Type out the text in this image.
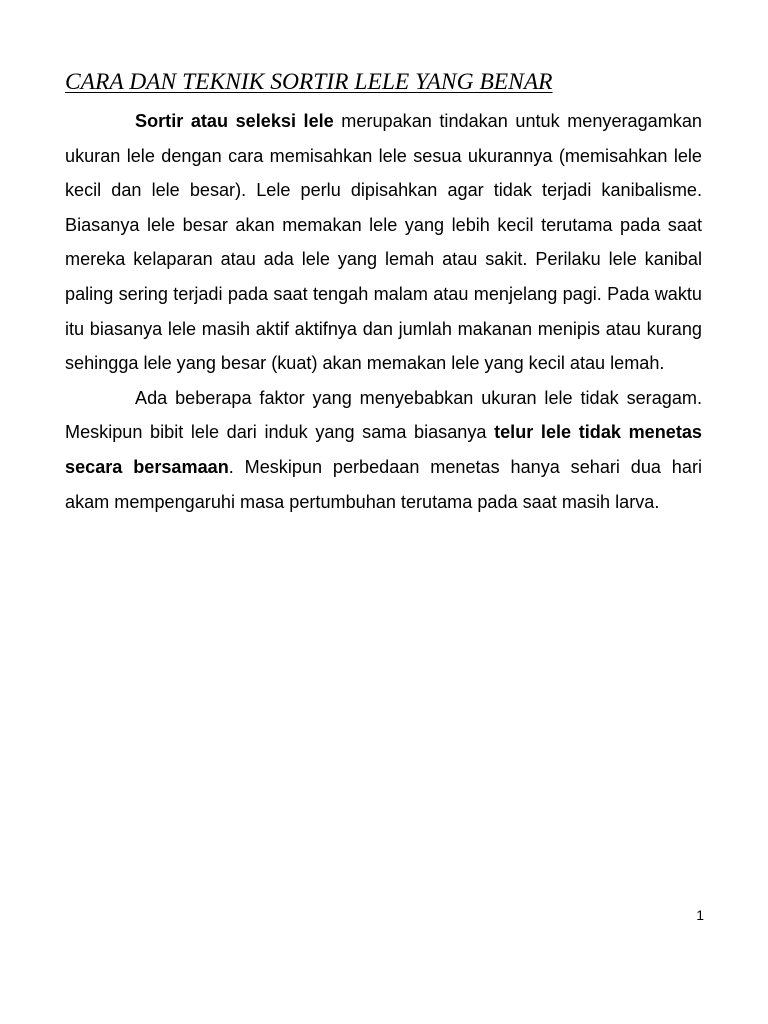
CARA DAN TEKNIK SORTIR LELE YANG BENAR

Sortir atau seleksi lele merupakan tindakan untuk menyeragamkan ukuran lele dengan cara memisahkan lele sesua ukurannya (memisahkan lele kecil dan lele besar). Lele perlu dipisahkan agar tidak terjadi kanibalisme. Biasanya lele besar akan memakan lele yang lebih kecil terutama pada saat mereka kelaparan atau ada lele yang lemah atau sakit. Perilaku lele kanibal paling sering terjadi pada saat tengah malam atau menjelang pagi. Pada waktu itu biasanya lele masih aktif aktifnya dan jumlah makanan menipis atau kurang sehingga lele yang besar (kuat) akan memakan lele yang kecil atau lemah.

Ada beberapa faktor yang menyebabkan ukuran lele tidak seragam. Meskipun bibit lele dari induk yang sama biasanya telur lele tidak menetas secara bersamaan. Meskipun perbedaan menetas hanya sehari dua hari akam mempengaruhi masa pertumbuhan terutama pada saat masih larva.

1
